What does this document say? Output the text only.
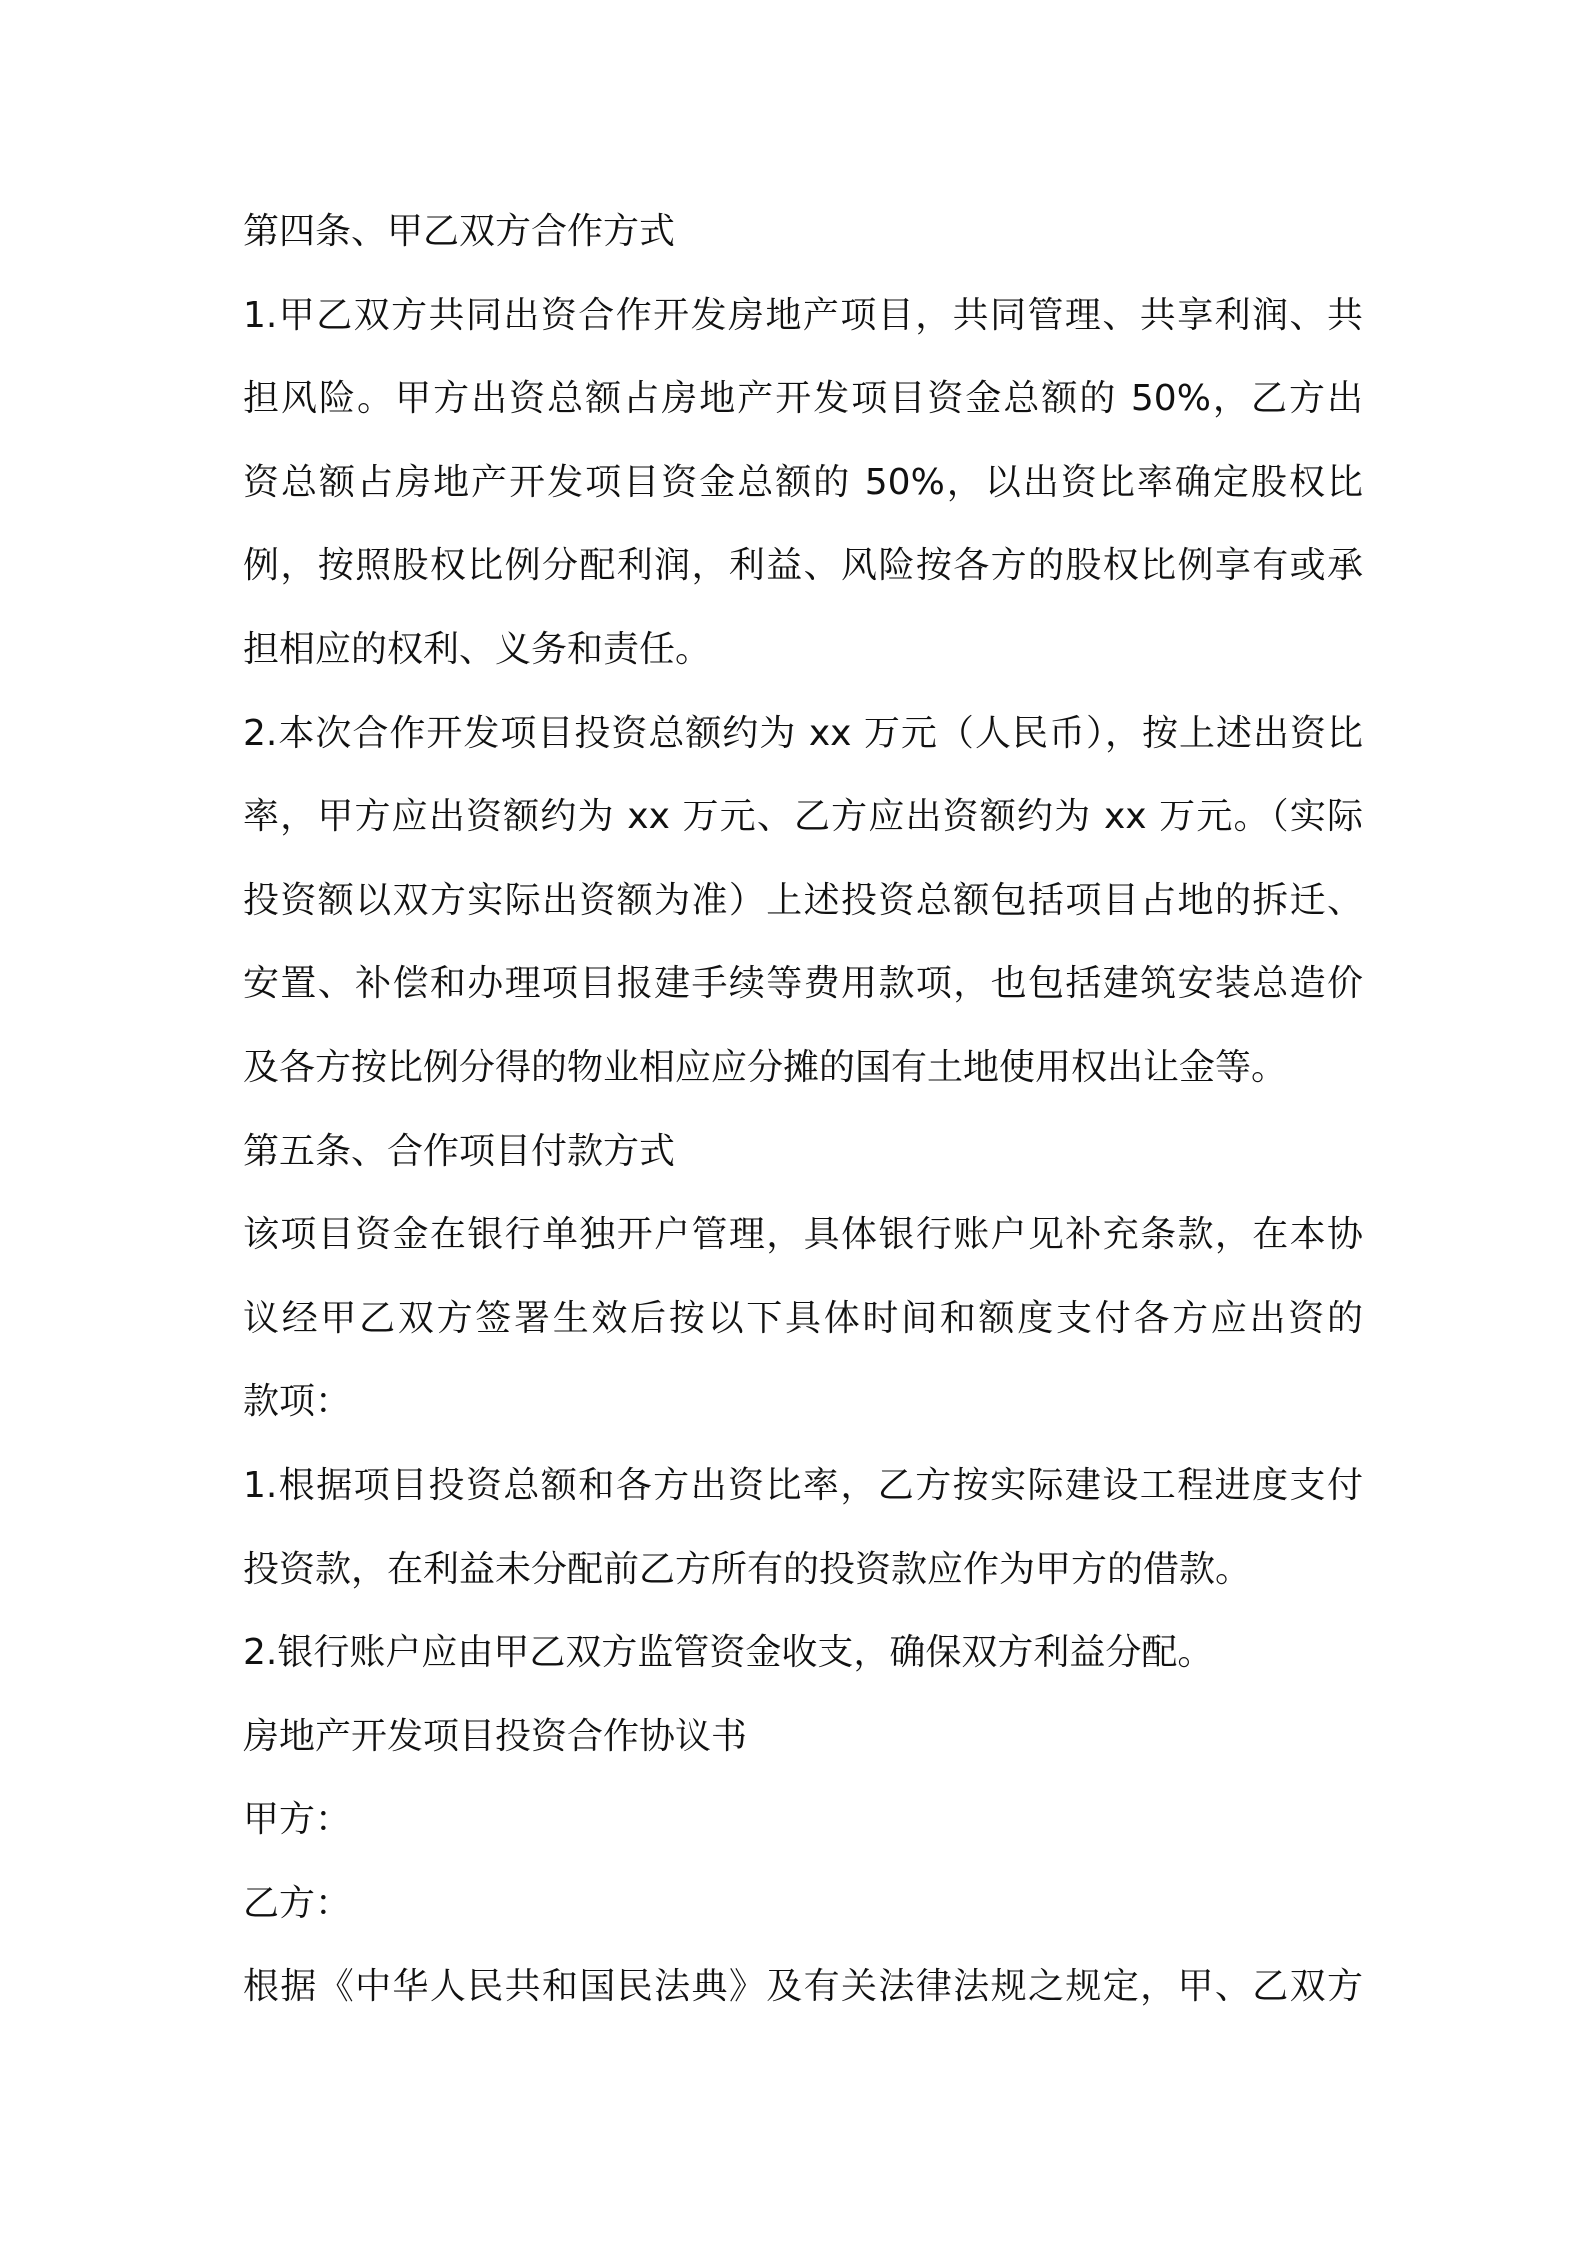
第四条、甲乙双方合作方式
1.甲乙双方共同出资合作开发房地产项目，共同管理、共享利润、共
担风险。甲方出资总额占房地产开发项目资金总额的 50%，乙方出
资总额占房地产开发项目资金总额的 50%，以出资比率确定股权比
例，按照股权比例分配利润，利益、风险按各方的股权比例享有或承
担相应的权利、义务和责任。
2.本次合作开发项目投资总额约为 xx 万元（人民币），按上述出资比
率，甲方应出资额约为 xx 万元、乙方应出资额约为 xx 万元。（实际
投资额以双方实际出资额为准）上述投资总额包括项目占地的拆迁、
安置、补偿和办理项目报建手续等费用款项，也包括建筑安装总造价
及各方按比例分得的物业相应应分摊的国有土地使用权出让金等。
第五条、合作项目付款方式
该项目资金在银行单独开户管理，具体银行账户见补充条款，在本协
议经甲乙双方签署生效后按以下具体时间和额度支付各方应出资的
款项：
1.根据项目投资总额和各方出资比率，乙方按实际建设工程进度支付
投资款，在利益未分配前乙方所有的投资款应作为甲方的借款。
2.银行账户应由甲乙双方监管资金收支，确保双方利益分配。
房地产开发项目投资合作协议书
甲方：
乙方：
根据《中华人民共和国民法典》及有关法律法规之规定，甲、乙双方
